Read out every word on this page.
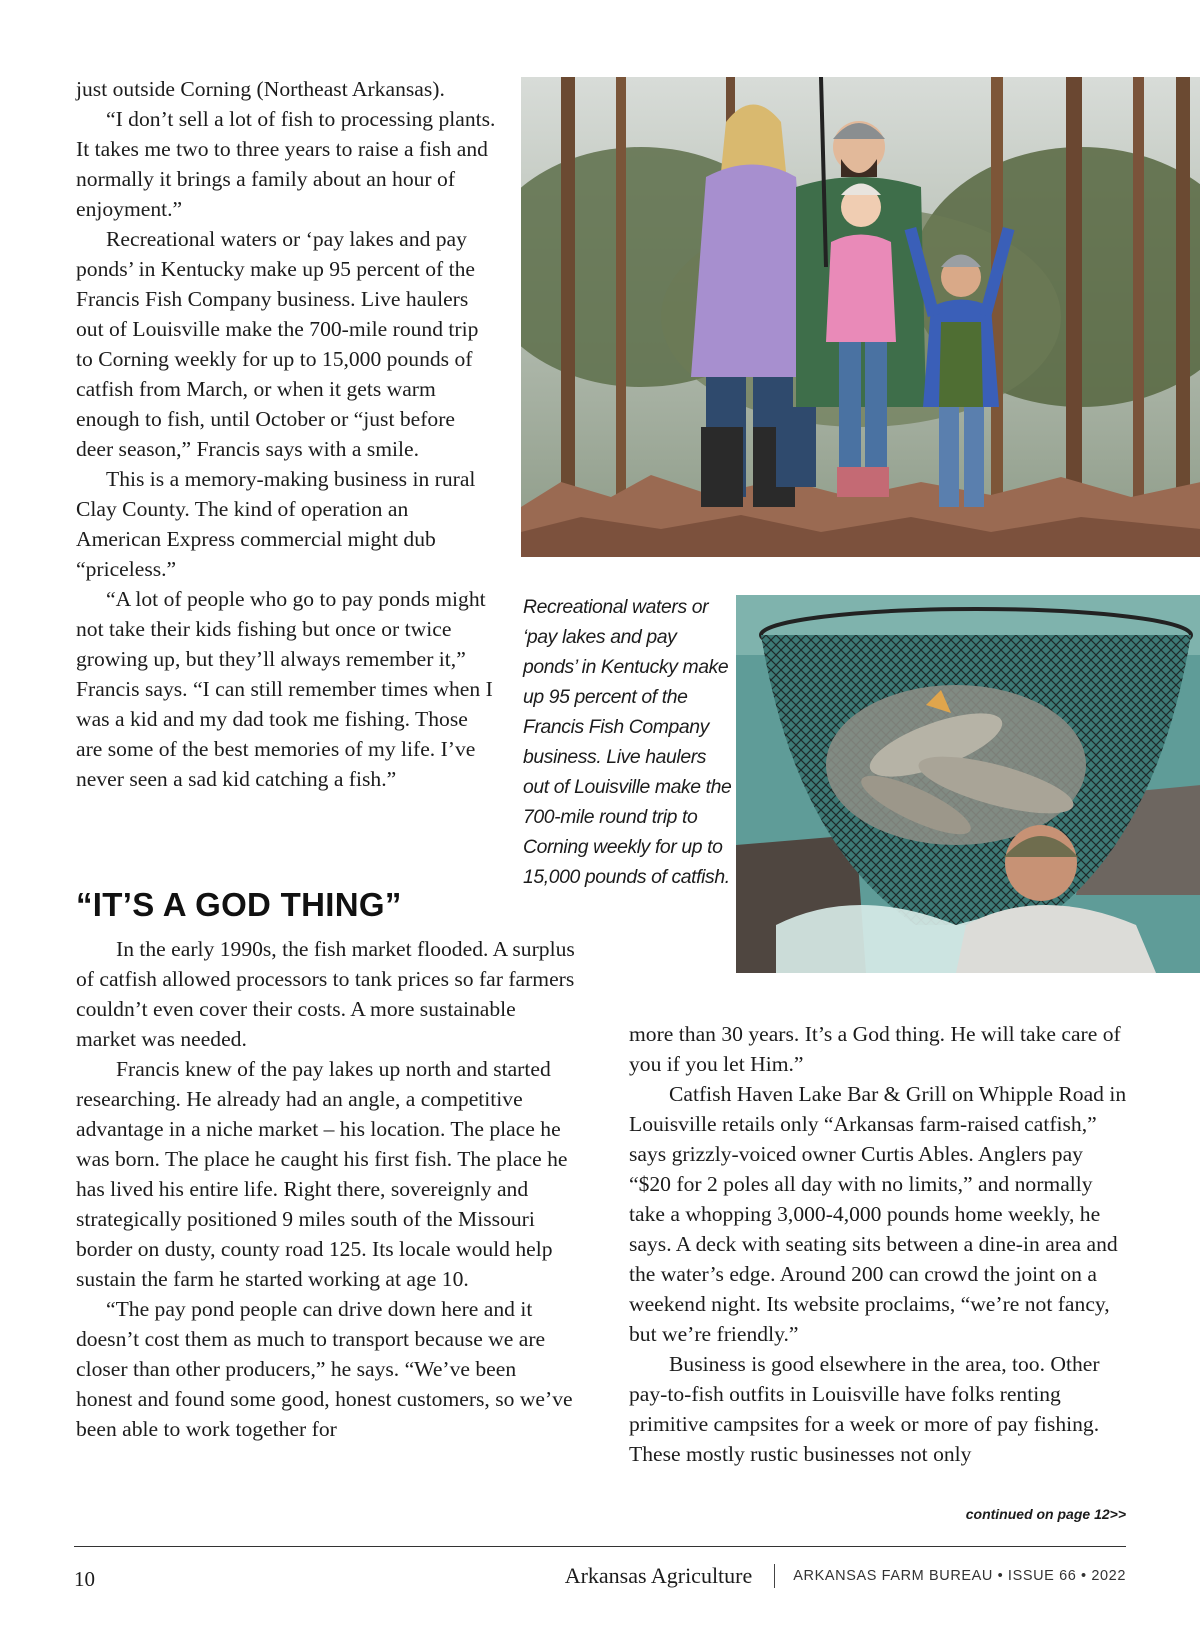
just outside Corning (Northeast Arkansas).

“I don’t sell a lot of fish to processing plants. It takes me two to three years to raise a fish and normally it brings a family about an hour of enjoyment.”

Recreational waters or ‘pay lakes and pay ponds’ in Kentucky make up 95 percent of the Francis Fish Company business. Live haulers out of Louisville make the 700-mile round trip to Corning weekly for up to 15,000 pounds of catfish from March, or when it gets warm enough to fish, until October or “just before deer season,” Francis says with a smile.

This is a memory-making business in rural Clay County. The kind of operation an American Express commercial might dub “priceless.”

“A lot of people who go to pay ponds might not take their kids fishing but once or twice growing up, but they’ll always remember it,” Francis says. “I can still remember times when I was a kid and my dad took me fishing. Those are some of the best memories of my life. I’ve never seen a sad kid catching a fish.”

“IT’S A GOD THING”

In the early 1990s, the fish market flooded. A surplus of catfish allowed processors to tank prices so far farmers couldn’t even cover their costs. A more sustainable market was needed.

Francis knew of the pay lakes up north and started researching. He already had an angle, a competitive advantage in a niche market – his location. The place he was born. The place he caught his first fish. The place he has lived his entire life. Right there, sovereignly and strategically positioned 9 miles south of the Missouri border on dusty, county road 125. Its locale would help sustain the farm he started working at age 10.

“The pay pond people can drive down here and it doesn’t cost them as much to transport because we are closer than other producers,” he says. “We’ve been honest and found some good, honest customers, so we’ve been able to work together for

more than 30 years. It’s a God thing. He will take care of you if you let Him.”

Catfish Haven Lake Bar & Grill on Whipple Road in Louisville retails only “Arkansas farm-raised catfish,” says grizzly-voiced owner Curtis Ables. Anglers pay “$20 for 2 poles all day with no limits,” and normally take a whopping 3,000-4,000 pounds home weekly, he says. A deck with seating sits between a dine-in area and the water’s edge. Around 200 can crowd the joint on a weekend night. Its website proclaims, “we’re not fancy, but we’re friendly.”

Business is good elsewhere in the area, too. Other pay-to-fish outfits in Louisville have folks renting primitive campsites for a week or more of pay fishing. These mostly rustic businesses not only

Recreational waters or ‘pay lakes and pay ponds’ in Kentucky make up 95 percent of the Francis Fish Company business. Live haulers out of Louisville make the 700-mile round trip to Corning weekly for up to 15,000 pounds of catfish.
continued on page 12>>
10	Arkansas Agriculture	ARKANSAS FARM BUREAU • ISSUE 66 • 2022
